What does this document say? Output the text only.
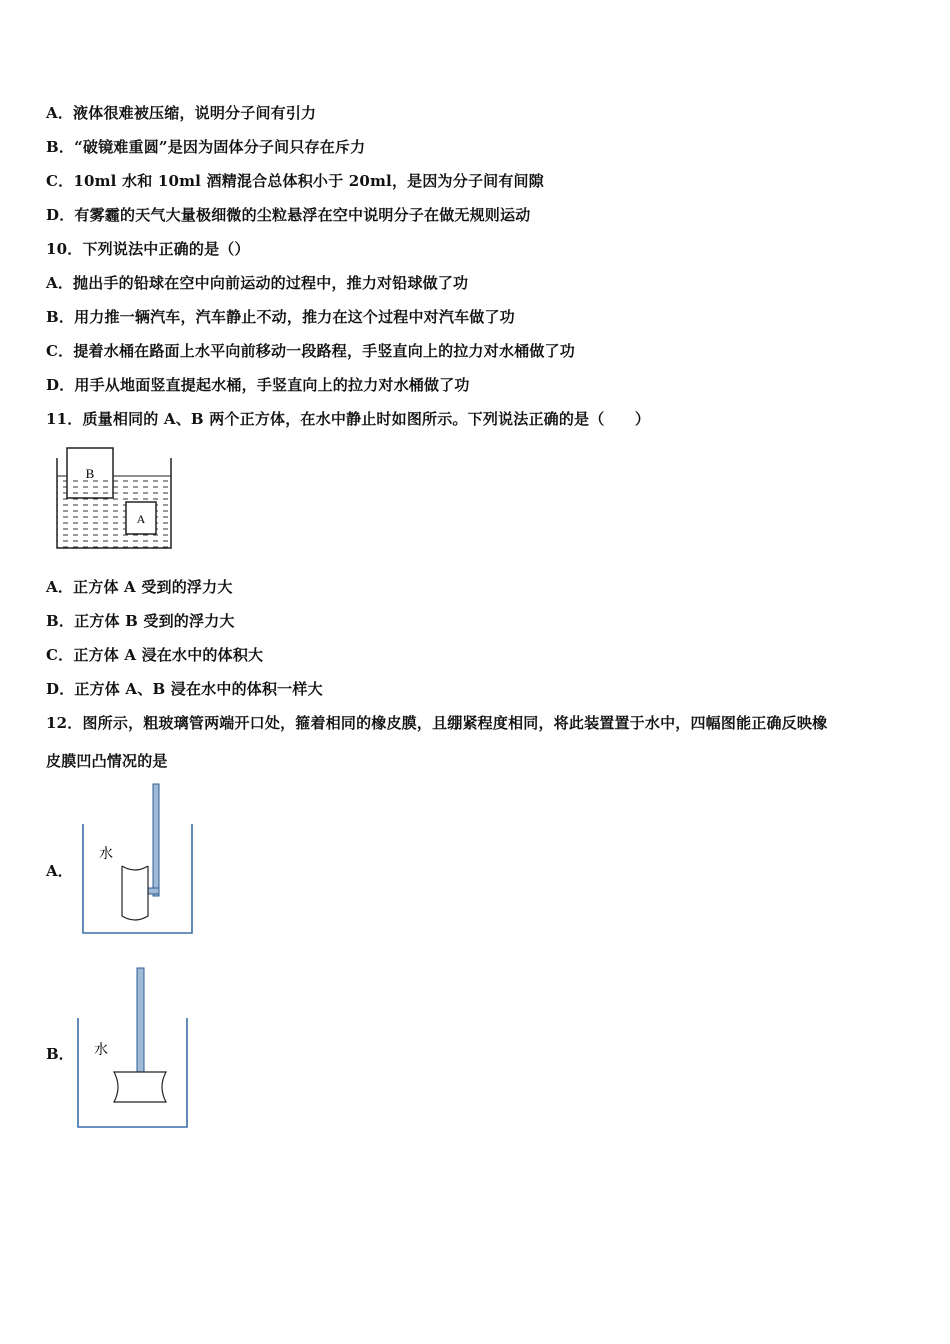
A．液体很难被压缩，说明分子间有引力
B．“破镜难重圆”是因为固体分子间只存在斥力
C．10ml 水和 10ml 酒精混合总体积小于 20ml，是因为分子间有间隙
D．有雾霾的天气大量极细微的尘粒悬浮在空中说明分子在做无规则运动
10．下列说法中正确的是（）
A．抛出手的铅球在空中向前运动的过程中，推力对铅球做了功
B．用力推一辆汽车，汽车静止不动，推力在这个过程中对汽车做了功
C．提着水桶在路面上水平向前移动一段路程，手竖直向上的拉力对水桶做了功
D．用手从地面竖直提起水桶，手竖直向上的拉力对水桶做了功
11．质量相同的 A、B 两个正方体，在水中静止时如图所示。下列说法正确的是（　　）
B
A
A．正方体 A 受到的浮力大
B．正方体 B 受到的浮力大
C．正方体 A 浸在水中的体积大
D．正方体 A、B 浸在水中的体积一样大
12．图所示，粗玻璃管两端开口处，箍着相同的橡皮膜，且绷紧程度相同，将此装置置于水中，四幅图能正确反映橡
皮膜凹凸情况的是
A．
水
B． 水
